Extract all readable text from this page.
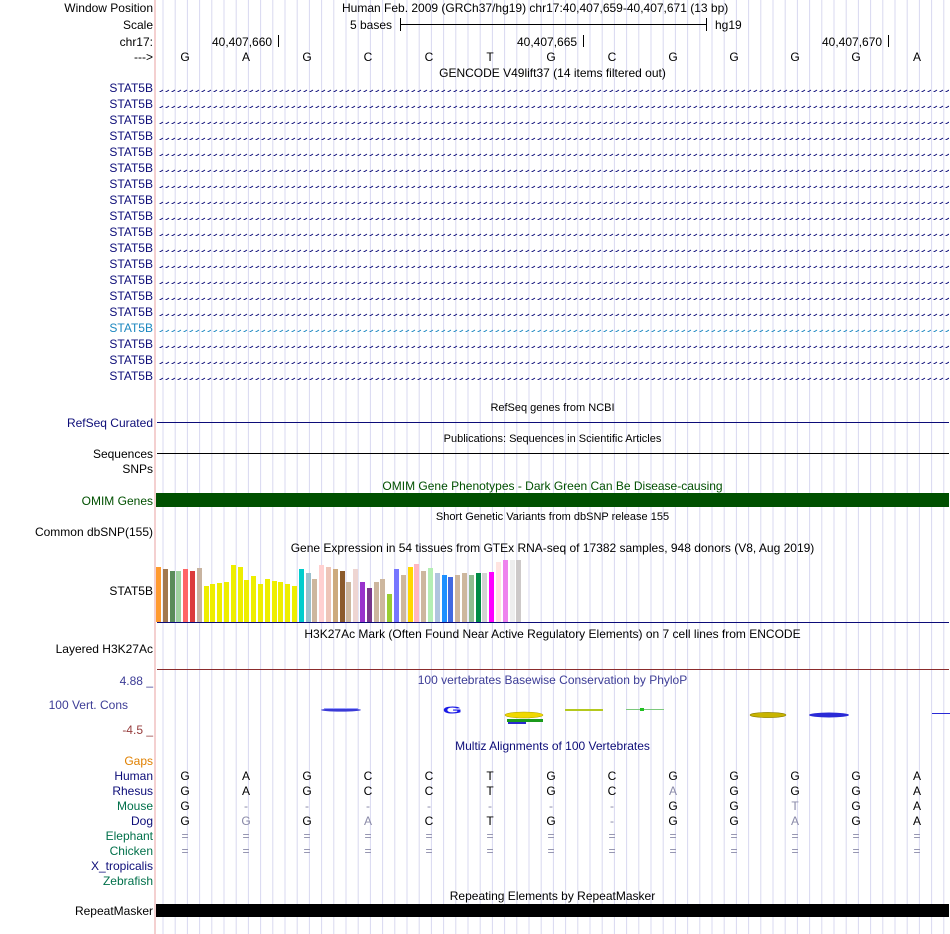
Window Position	Human Feb. 2009 (GRCh37/hg19) chr17:40,407,659-40,407,671 (13 bp)
Scale	5 bases	hg19
chr17:	40,407,660	40,407,665	40,407,670
--->	G	A	G	C	C	T	G	C	G	G	G	G	A
GENCODE V49lift37 (14 items filtered out)
STAT5B
STAT5B
STAT5B
STAT5B
STAT5B
STAT5B
STAT5B
STAT5B
STAT5B
STAT5B
STAT5B
STAT5B
STAT5B
STAT5B
STAT5B
STAT5B
STAT5B
STAT5B
STAT5B
RefSeq genes from NCBI
RefSeq Curated
Publications: Sequences in Scientific Articles
Sequences
SNPs
OMIM Gene Phenotypes - Dark Green Can Be Disease-causing
OMIM Genes
Short Genetic Variants from dbSNP release 155
Common dbSNP(155)
Gene Expression in 54 tissues from GTEx RNA-seq of 17382 samples, 948 donors (V8, Aug 2019)
STAT5B
H3K27Ac Mark (Often Found Near Active Regulatory Elements) on 7 cell lines from ENCODE
Layered H3K27Ac
100 vertebrates Basewise Conservation by PhyloP
4.88 _
100 Vert. Cons
-4.5 _
G
Multiz Alignments of 100 Vertebrates
Gaps
Human	G	A	G	C	C	T	G	C	G	G	G	G	A
Rhesus	G	A	G	C	C	T	G	C	A	G	G	G	A
Mouse	G	-	-	-	-	-	-	-	G	G	T	G	A
Dog	G	G	G	A	C	T	G	-	G	G	A	G	A
Elephant	=	=	=	=	=	=	=	=	=	=	=	=	=
Chicken	=	=	=	=	=	=	=	=	=	=	=	=	=
X_tropicalis
Zebrafish
Repeating Elements by RepeatMasker
RepeatMasker
